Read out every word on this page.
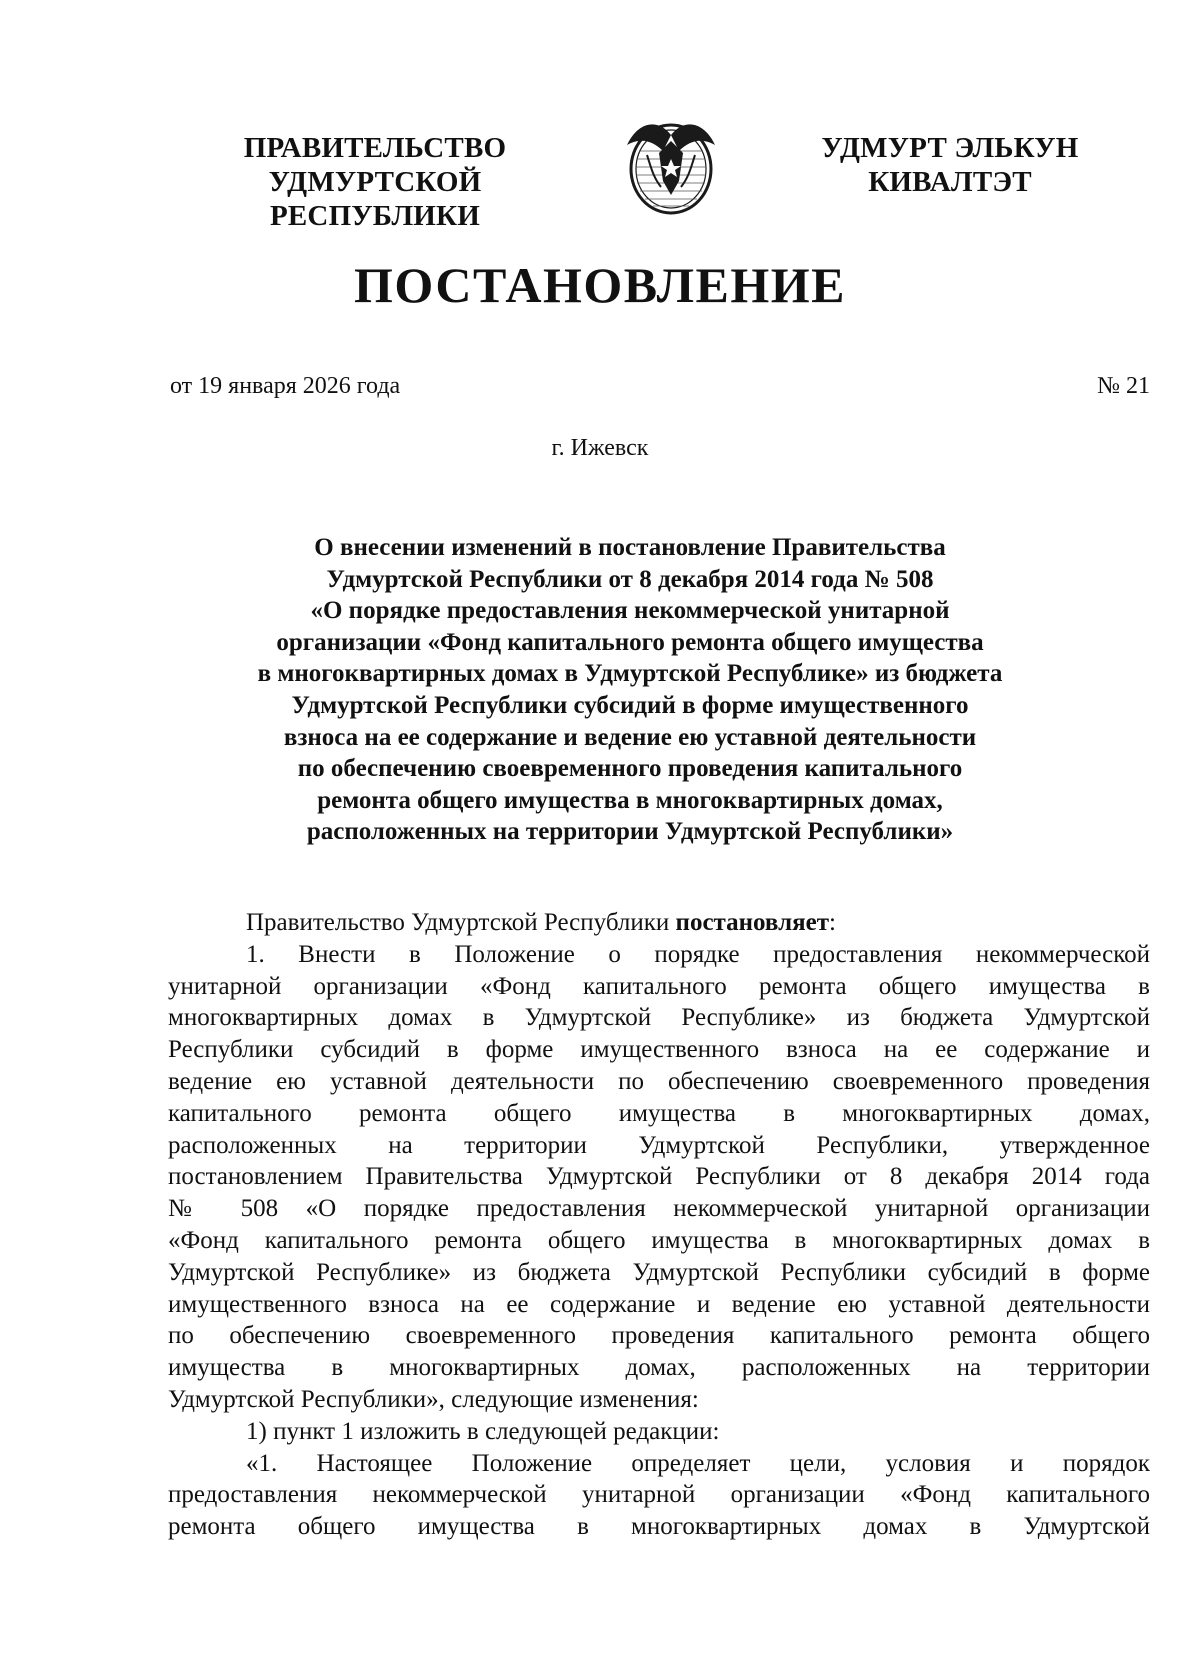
ПРАВИТЕЛЬСТВО
УДМУРТСКОЙ РЕСПУБЛИКИ
УДМУРТ ЭЛЬКУН
КИВАЛТЭТ
ПОСТАНОВЛЕНИЕ
от 19 января 2026 года	№ 21
г. Ижевск
О внесении изменений в постановление Правительства
Удмуртской Республики от 8 декабря 2014 года № 508
«О порядке предоставления некоммерческой унитарной
организации «Фонд капитального ремонта общего имущества
в многоквартирных домах в Удмуртской Республике» из бюджета
Удмуртской Республики субсидий в форме имущественного
взноса на ее содержание и ведение ею уставной деятельности
по обеспечению своевременного проведения капитального
ремонта общего имущества в многоквартирных домах,
расположенных на территории Удмуртской Республики»
Правительство Удмуртской Республики постановляет:
1. Внести в Положение о порядке предоставления некоммерческой
унитарной организации «Фонд капитального ремонта общего имущества в
многоквартирных домах в Удмуртской Республике» из бюджета Удмуртской
Республики субсидий в форме имущественного взноса на ее содержание и
ведение ею уставной деятельности по обеспечению своевременного проведения
капитального ремонта общего имущества в многоквартирных домах,
расположенных на территории Удмуртской Республики, утвержденное
постановлением Правительства Удмуртской Республики от 8 декабря 2014 года
№ 508 «О порядке предоставления некоммерческой унитарной организации
«Фонд капитального ремонта общего имущества в многоквартирных домах в
Удмуртской Республике» из бюджета Удмуртской Республики субсидий в форме
имущественного взноса на ее содержание и ведение ею уставной деятельности
по обеспечению своевременного проведения капитального ремонта общего
имущества в многоквартирных домах, расположенных на территории
Удмуртской Республики», следующие изменения:
1) пункт 1 изложить в следующей редакции:
«1. Настоящее Положение определяет цели, условия и порядок
предоставления некоммерческой унитарной организации «Фонд капитального
ремонта общего имущества в многоквартирных домах в Удмуртской
